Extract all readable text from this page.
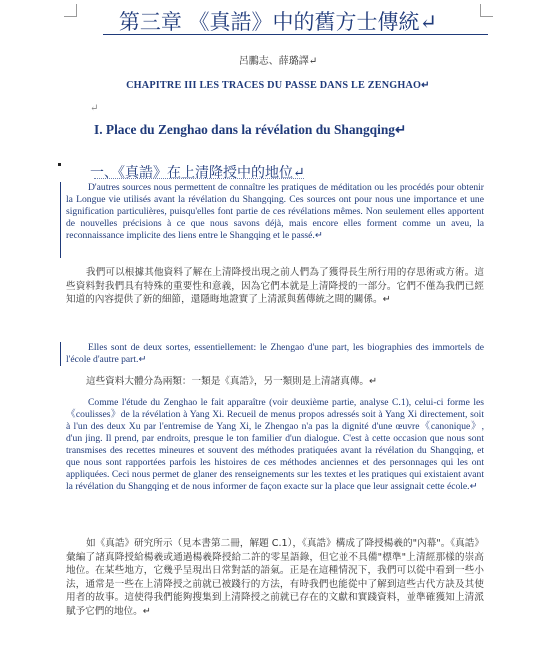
第三章 《真誥》中的舊方士傳統↵
呂鵬志、薛璐譯↵
CHAPITRE III LES TRACES DU PASSE DANS LE ZENGHAO↵
↵
I. Place du Zenghao dans la révélation du Shangqing↵
一、《真誥》在上清降授中的地位↵
D'autres sources nous permettent de connaître les pratiques de méditation ou les procédés pour obtenir la Longue vie utilisés avant la révélation du Shangqing. Ces sources ont pour nous une importance et une signification particulières, puisqu'elles font partie de ces révélations mêmes. Non seulement elles apportent de nouvelles précisions à ce que nous savons déjà, mais encore elles forment comme un aveu, la reconnaissance implicite des liens entre le Shangqing et le passé.↵
我們可以根據其他資料了解在上清降授出現之前人們為了獲得長生所行用的存思術或方術。這些資料對我們具有特殊的重要性和意義，因為它們本就是上清降授的一部分。它們不僅為我們已經知道的內容提供了新的細節，還隱晦地證實了上清派與舊傳統之間的關係。↵
Elles sont de deux sortes, essentiellement: le Zhengao d'une part, les biographies des immortels de l'école d'autre part.↵
這些資料大體分為兩類：一類是《真誥》，另一類則是上清諸真傳。↵
Comme l'étude du Zenghao le fait apparaître (voir deuxième partie, analyse C.1), celui-ci forme les《coulisses》de la révélation à Yang Xi. Recueil de menus propos adressés soit à Yang Xi directement, soit à l'un des deux Xu par l'entremise de Yang Xi, le Zhengao n'a pas la dignité d'une œuvre《canonique》, d'un jing. Il prend, par endroits, presque le ton familier d'un dialogue. C'est à cette occasion que nous sont transmises des recettes mineures et souvent des méthodes pratiquées avant la révélation du Shangqing, et que nous sont rapportées parfois les histoires de ces méthodes anciennes et des personnages qui les ont appliquées. Ceci nous permet de glaner des renseignements sur les textes et les pratiques qui existaient avant la révélation du Shangqing et de nous informer de façon exacte sur la place que leur assignait cette école.↵
如《真誥》研究所示（見本書第二冊，解題 C.1），《真誥》構成了降授楊羲的"內幕"。《真誥》彙編了諸真降授給楊羲或通過楊羲降授給二許的零星語錄，但它並不具備"標準"上清經那樣的崇高地位。在某些地方，它幾乎呈現出日常對話的語氣。正是在這種情況下，我們可以從中看到一些小法，通常是一些在上清降授之前就已被踐行的方法，有時我們也能從中了解到這些古代方訣及其使用者的故事。這使得我們能夠搜集到上清降授之前就已存在的文獻和實踐資料，並準確獲知上清派賦予它們的地位。↵
